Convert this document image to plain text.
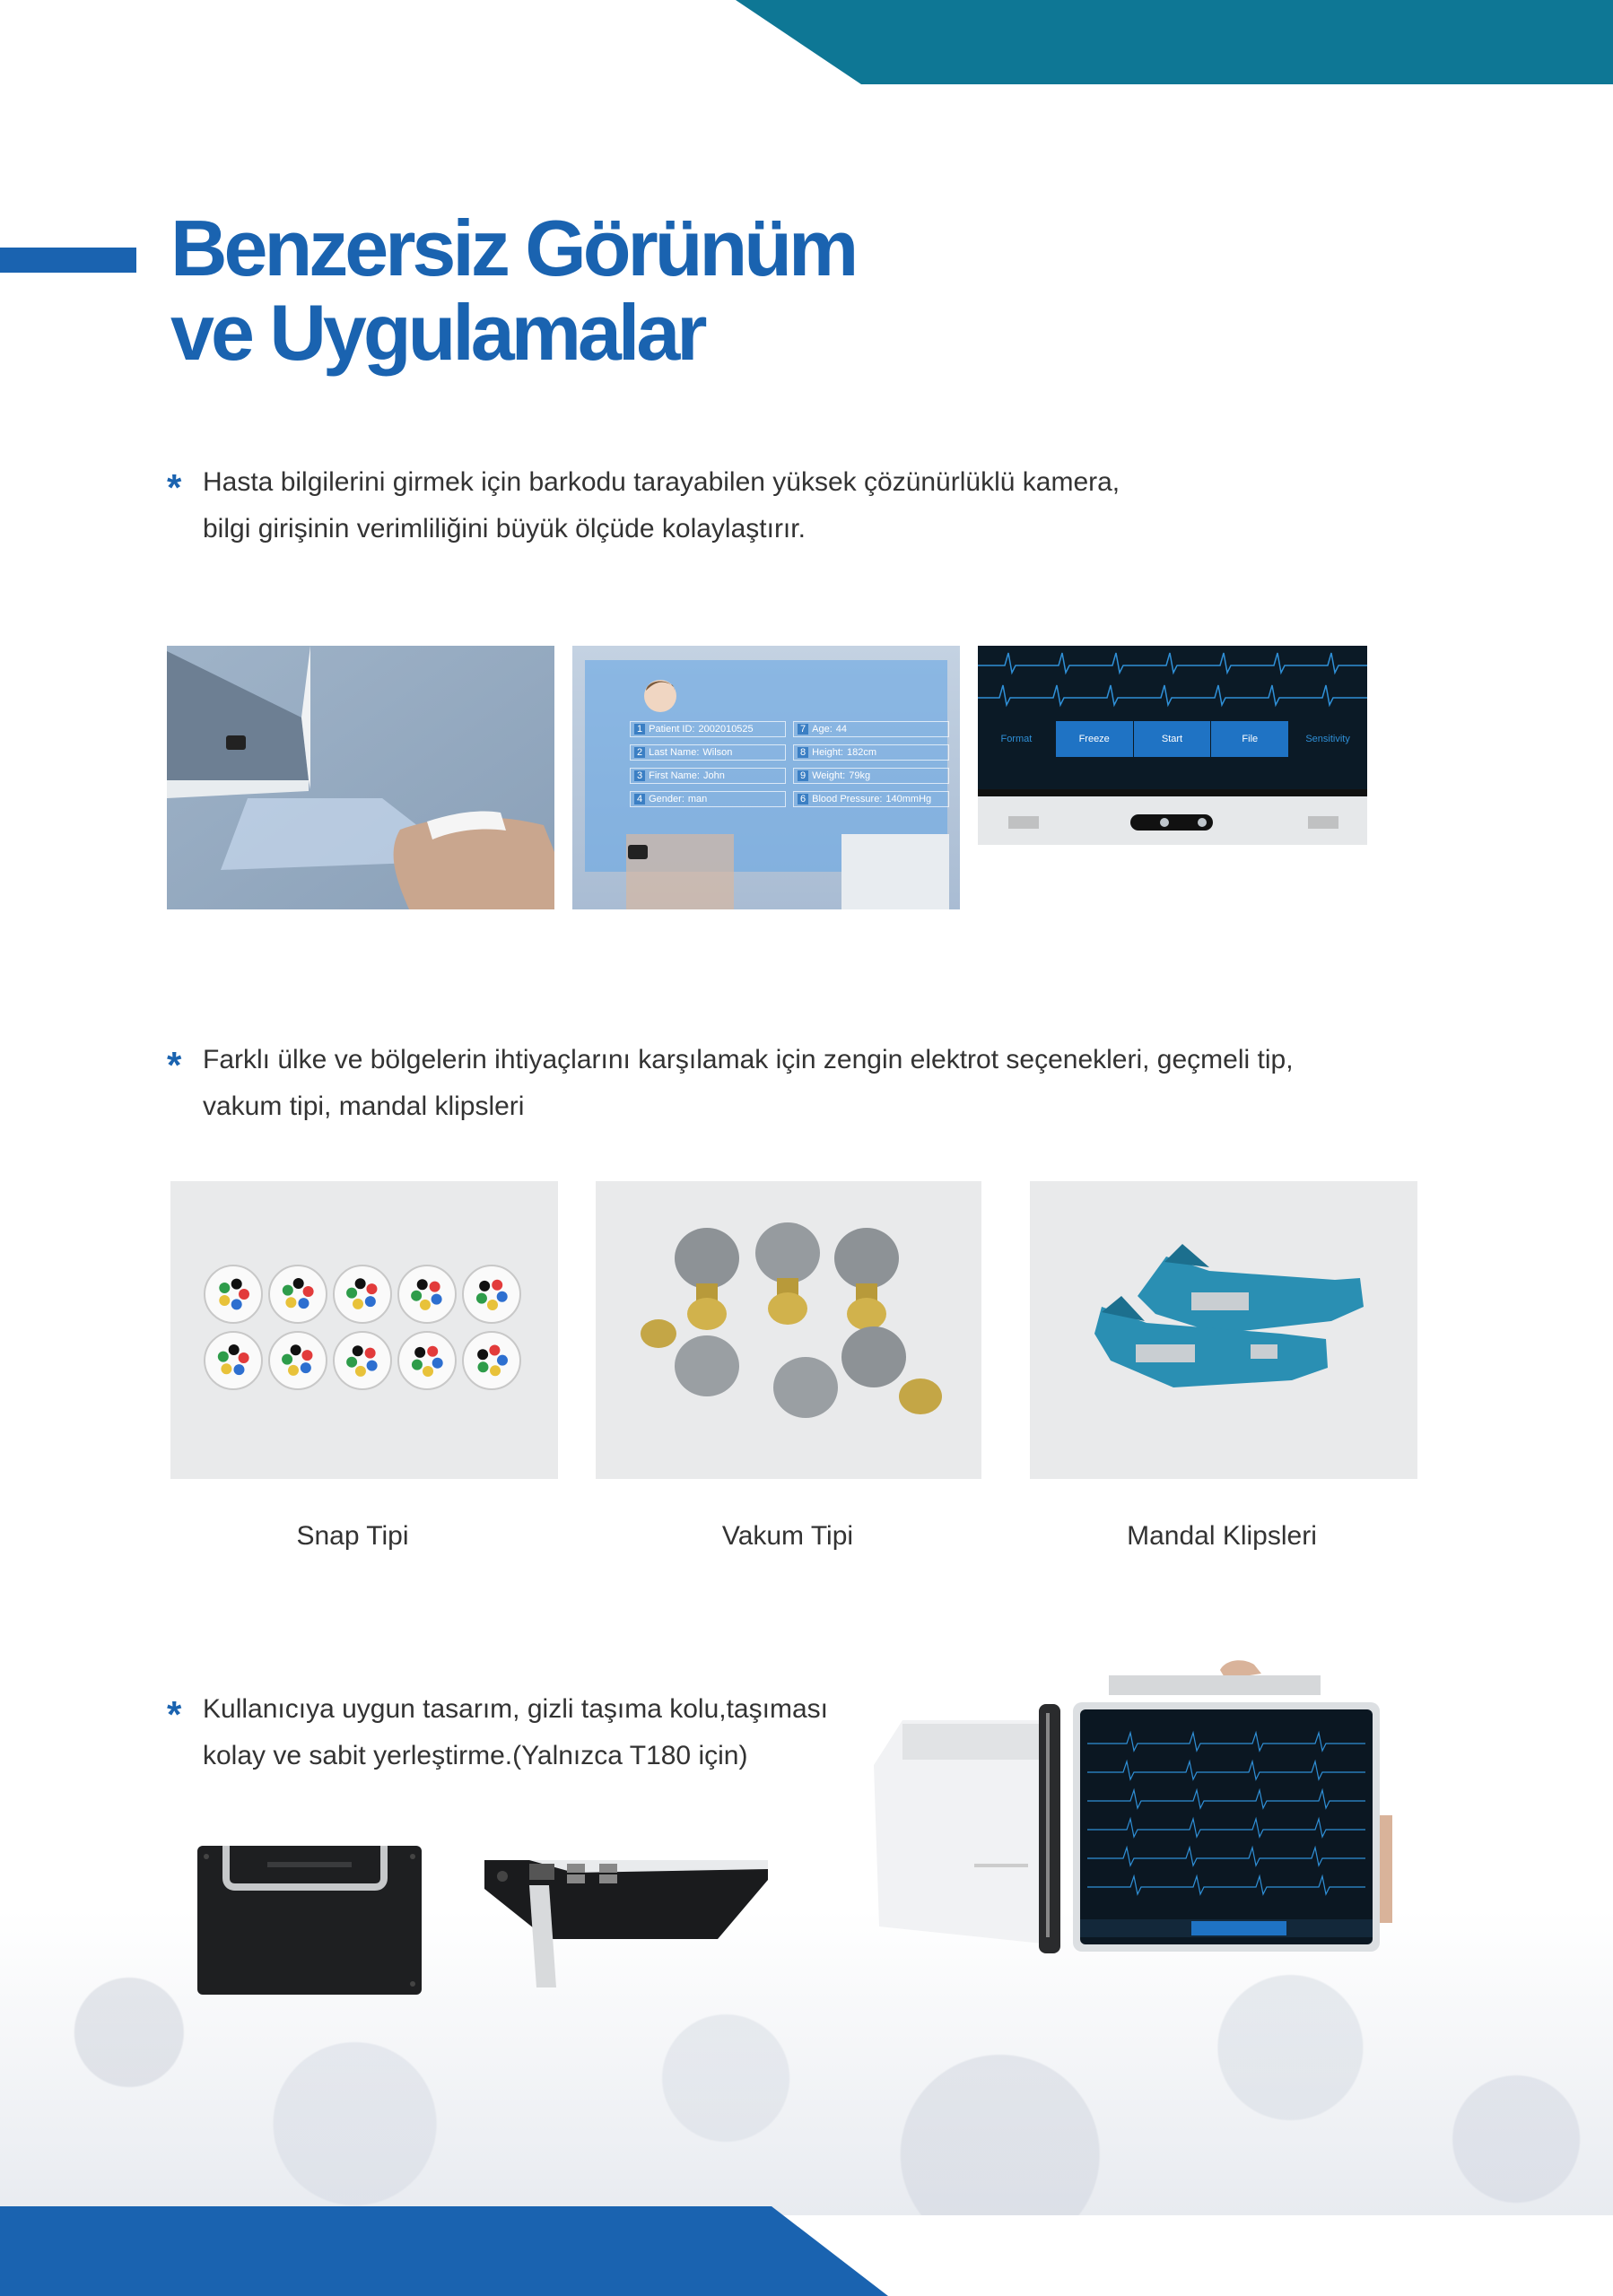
Benzersiz Görünüm
ve Uygulamalar
* Hasta bilgilerini girmek için barkodu tarayabilen yüksek çözünürlüklü kamera,
bilgi girişinin verimliliğini büyük ölçüde kolaylaştırır.
1 Patient ID: 2002010525	7 Age: 44
2 Last Name: Wilson	8 Height: 182cm
3 First Name: John	9 Weight: 79kg
4 Gender: man	6 Blood Pressure: 140mmHg
Format	Freeze	Start	File	Sensitivity
* Farklı ülke ve bölgelerin ihtiyaçlarını karşılamak için zengin elektrot seçenekleri, geçmeli tip,
vakum tipi, mandal klipsleri
Snap Tipi	Vakum Tipi	Mandal Klipsleri
* Kullanıcıya uygun tasarım, gizli taşıma kolu,taşıması
kolay ve sabit yerleştirme.(Yalnızca T180 için)
